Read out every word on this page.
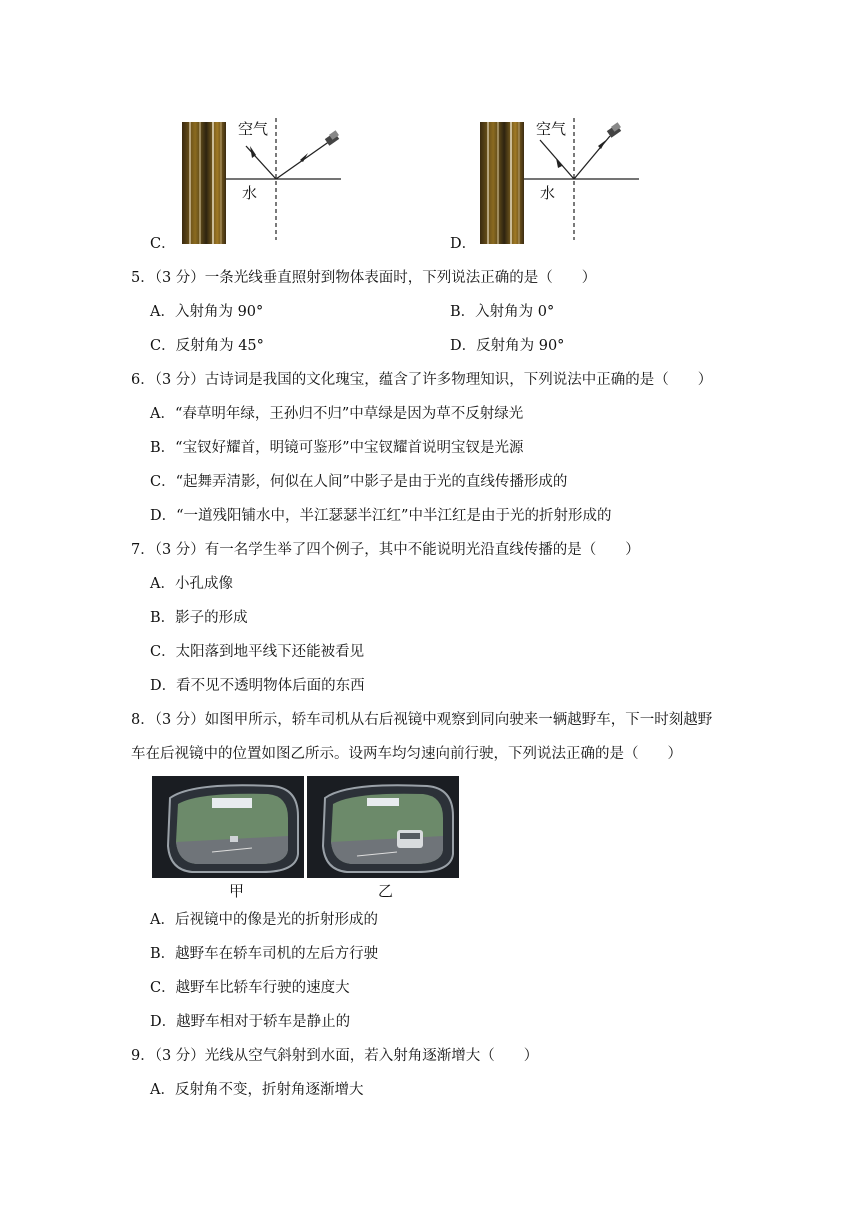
空气
水
C．
空气
水
D．
5．（3 分）一条光线垂直照射到物体表面时，下列说法正确的是（　　）
A．入射角为 90°	B．入射角为 0°
C．反射角为 45°	D．反射角为 90°
6．（3 分）古诗词是我国的文化瑰宝，蕴含了许多物理知识，下列说法中正确的是（　　）
A．“春草明年绿，王孙归不归”中草绿是因为草不反射绿光
B．“宝钗好耀首，明镜可鉴形”中宝钗耀首说明宝钗是光源
C．“起舞弄清影，何似在人间”中影子是由于光的直线传播形成的
D．“一道残阳铺水中，半江瑟瑟半江红”中半江红是由于光的折射形成的
7．（3 分）有一名学生举了四个例子，其中不能说明光沿直线传播的是（　　）
A．小孔成像
B．影子的形成
C．太阳落到地平线下还能被看见
D．看不见不透明物体后面的东西
8．（3 分）如图甲所示，轿车司机从右后视镜中观察到同向驶来一辆越野车，下一时刻越野
车在后视镜中的位置如图乙所示。设两车均匀速向前行驶，下列说法正确的是（　　）
甲	乙
A．后视镜中的像是光的折射形成的
B．越野车在轿车司机的左后方行驶
C．越野车比轿车行驶的速度大
D．越野车相对于轿车是静止的
9．（3 分）光线从空气斜射到水面，若入射角逐渐增大（　　）
A．反射角不变，折射角逐渐增大
